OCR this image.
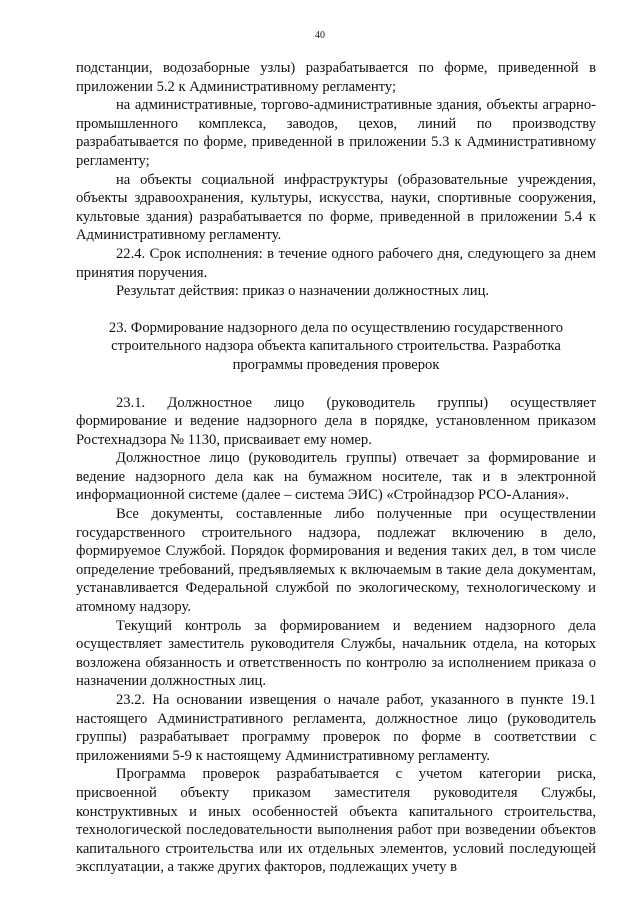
40

подстанции, водозаборные узлы) разрабатывается по форме, приведенной в приложении 5.2 к Административному регламенту;

на административные, торгово-административные здания, объекты аграрно-промышленного комплекса, заводов, цехов, линий по производству разрабатывается по форме, приведенной в приложении 5.3 к Административному регламенту;

на объекты социальной инфраструктуры (образовательные учреждения, объекты здравоохранения, культуры, искусства, науки, спортивные сооружения, культовые здания) разрабатывается по форме, приведенной в приложении 5.4 к Административному регламенту.

22.4. Срок исполнения: в течение одного рабочего дня, следующего за днем принятия поручения.

Результат действия: приказ о назначении должностных лиц.

23. Формирование надзорного дела по осуществлению государственного строительного надзора объекта капитального строительства. Разработка программы проведения проверок

23.1. Должностное лицо (руководитель группы) осуществляет формирование и ведение надзорного дела в порядке, установленном приказом Ростехнадзора № 1130, присваивает ему номер.

Должностное лицо (руководитель группы) отвечает за формирование и ведение надзорного дела как на бумажном носителе, так и в электронной информационной системе (далее – система ЭИС) «Стройнадзор РСО-Алания».

Все документы, составленные либо полученные при осуществлении государственного строительного надзора, подлежат включению в дело, формируемое Службой. Порядок формирования и ведения таких дел, в том числе определение требований, предъявляемых к включаемым в такие дела документам, устанавливается Федеральной службой по экологическому, технологическому и атомному надзору.

Текущий контроль за формированием и ведением надзорного дела осуществляет заместитель руководителя Службы, начальник отдела, на которых возложена обязанность и ответственность по контролю за исполнением приказа о назначении должностных лиц.

23.2. На основании извещения о начале работ, указанного в пункте 19.1 настоящего Административного регламента, должностное лицо (руководитель группы) разрабатывает программу проверок по форме в соответствии с приложениями 5-9 к настоящему Административному регламенту.

Программа проверок разрабатывается с учетом категории риска, присвоенной объекту приказом заместителя руководителя Службы, конструктивных и иных особенностей объекта капитального строительства, технологической последовательности выполнения работ при возведении объектов капитального строительства или их отдельных элементов, условий последующей эксплуатации, а также других факторов, подлежащих учету в
